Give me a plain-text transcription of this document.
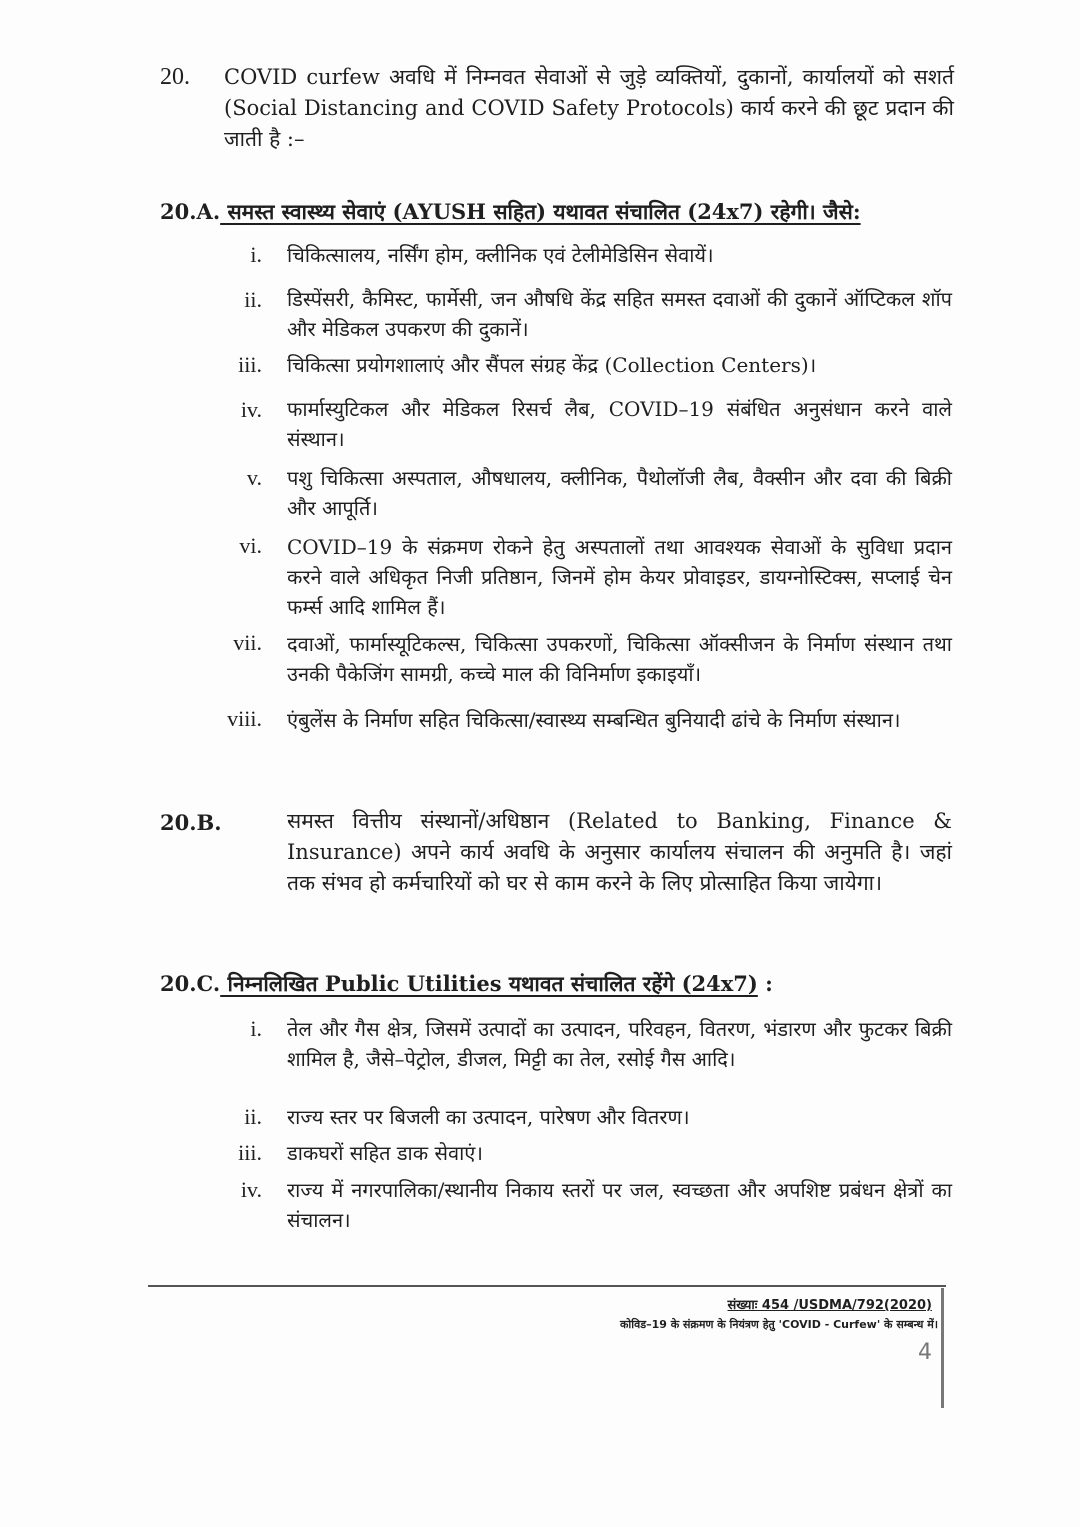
20. COVID curfew अवधि में निम्नवत सेवाओं से जुड़े व्यक्तियों, दुकानों, कार्यालयों को सशर्त (Social Distancing and COVID Safety Protocols) कार्य करने की छूट प्रदान की जाती है :–
20.A. समस्त स्वास्थ्य सेवाएं (AYUSH सहित) यथावत संचालित (24x7) रहेगी। जैसे:
i. चिकित्सालय, नर्सिंग होम, क्लीनिक एवं टेलीमेडिसिन सेवायें।
ii. डिस्पेंसरी, कैमिस्ट, फार्मेसी, जन औषधि केंद्र सहित समस्त दवाओं की दुकानें ऑप्टिकल शॉप और मेडिकल उपकरण की दुकानें।
iii. चिकित्सा प्रयोगशालाएं और सैंपल संग्रह केंद्र (Collection Centers)।
iv. फार्मास्युटिकल और मेडिकल रिसर्च लैब, COVID–19 संबंधित अनुसंधान करने वाले संस्थान।
v. पशु चिकित्सा अस्पताल, औषधालय, क्लीनिक, पैथोलॉजी लैब, वैक्सीन और दवा की बिक्री और आपूर्ति।
vi. COVID–19 के संक्रमण रोकने हेतु अस्पतालों तथा आवश्यक सेवाओं के सुविधा प्रदान करने वाले अधिकृत निजी प्रतिष्ठान, जिनमें होम केयर प्रोवाइडर, डायग्नोस्टिक्स, सप्लाई चेन फर्म्स आदि शामिल हैं।
vii. दवाओं, फार्मास्यूटिकल्स, चिकित्सा उपकरणों, चिकित्सा ऑक्सीजन के निर्माण संस्थान तथा उनकी पैकेजिंग सामग्री, कच्चे माल की विनिर्माण इकाइयाँ।
viii. एंबुलेंस के निर्माण सहित चिकित्सा/स्वास्थ्य सम्बन्धित बुनियादी ढांचे के निर्माण संस्थान।
20.B.	समस्त वित्तीय संस्थानों/अधिष्ठान (Related to Banking, Finance & Insurance) अपने कार्य अवधि के अनुसार कार्यालय संचालन की अनुमति है। जहां तक संभव हो कर्मचारियों को घर से काम करने के लिए प्रोत्साहित किया जायेगा।
20.C. निम्नलिखित Public Utilities यथावत संचालित रहेंगे (24x7) :
i. तेल और गैस क्षेत्र, जिसमें उत्पादों का उत्पादन, परिवहन, वितरण, भंडारण और फुटकर बिक्री शामिल है, जैसे–पेट्रोल, डीजल, मिट्टी का तेल, रसोई गैस आदि।
ii. राज्य स्तर पर बिजली का उत्पादन, पारेषण और वितरण।
iii. डाकघरों सहित डाक सेवाएं।
iv. राज्य में नगरपालिका/स्थानीय निकाय स्तरों पर जल, स्वच्छता और अपशिष्ट प्रबंधन क्षेत्रों का संचालन।
संख्याः 454 /USDMA/792(2020)
कोविड–19 के संक्रमण के नियंत्रण हेतु 'COVID - Curfew' के सम्बन्ध में।
4
